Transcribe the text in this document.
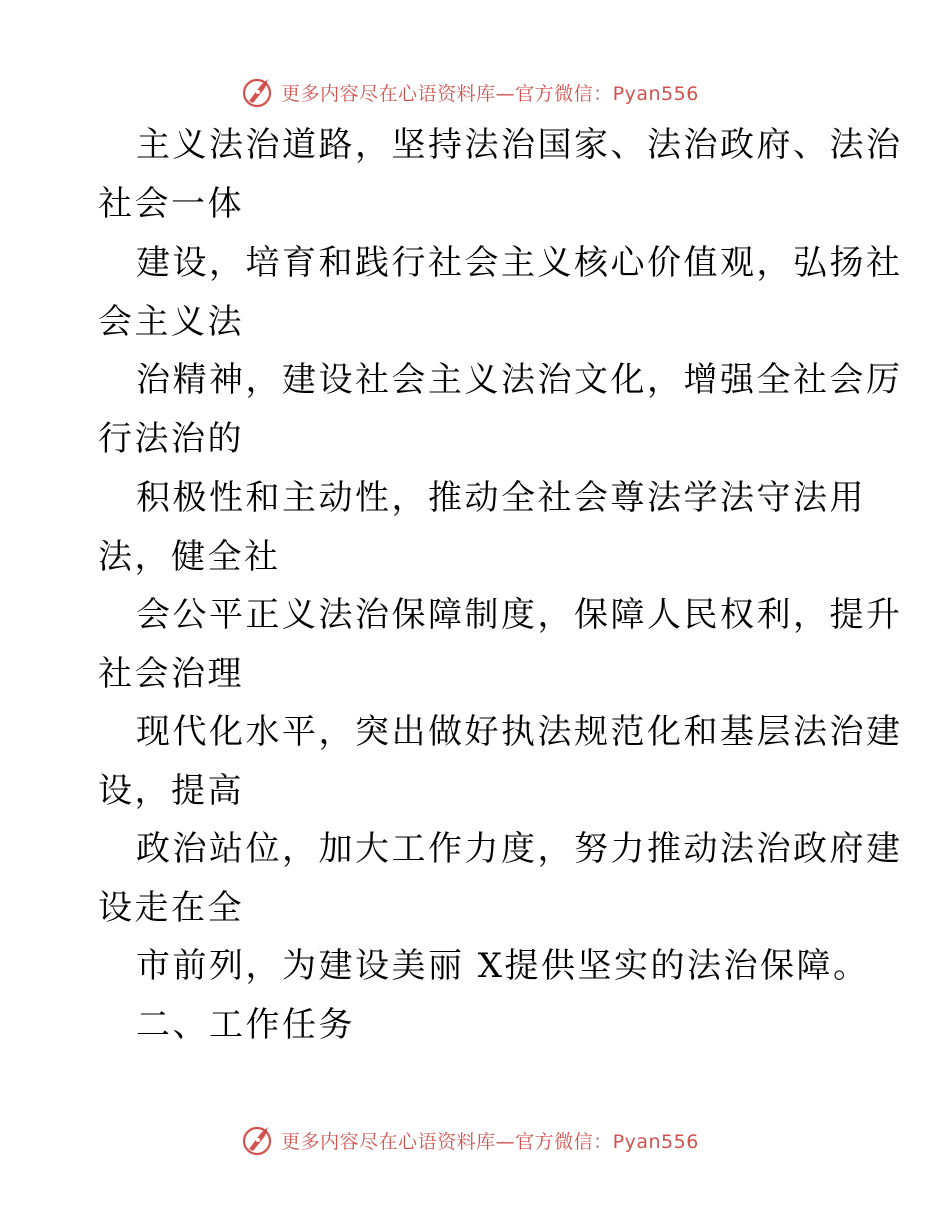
更多内容尽在心语资料库—官方微信：Pyan556
主义法治道路，坚持法治国家、法治政府、法治
社会一体
建设，培育和践行社会主义核心价值观，弘扬社
会主义法
治精神，建设社会主义法治文化，增强全社会厉
行法治的
积极性和主动性，推动全社会尊法学法守法用
法，健全社
会公平正义法治保障制度，保障人民权利，提升
社会治理
现代化水平，突出做好执法规范化和基层法治建
设，提高
政治站位，加大工作力度，努力推动法治政府建
设走在全
市前列，为建设美丽 X提供坚实的法治保障。
二、工作任务
更多内容尽在心语资料库—官方微信：Pyan556
